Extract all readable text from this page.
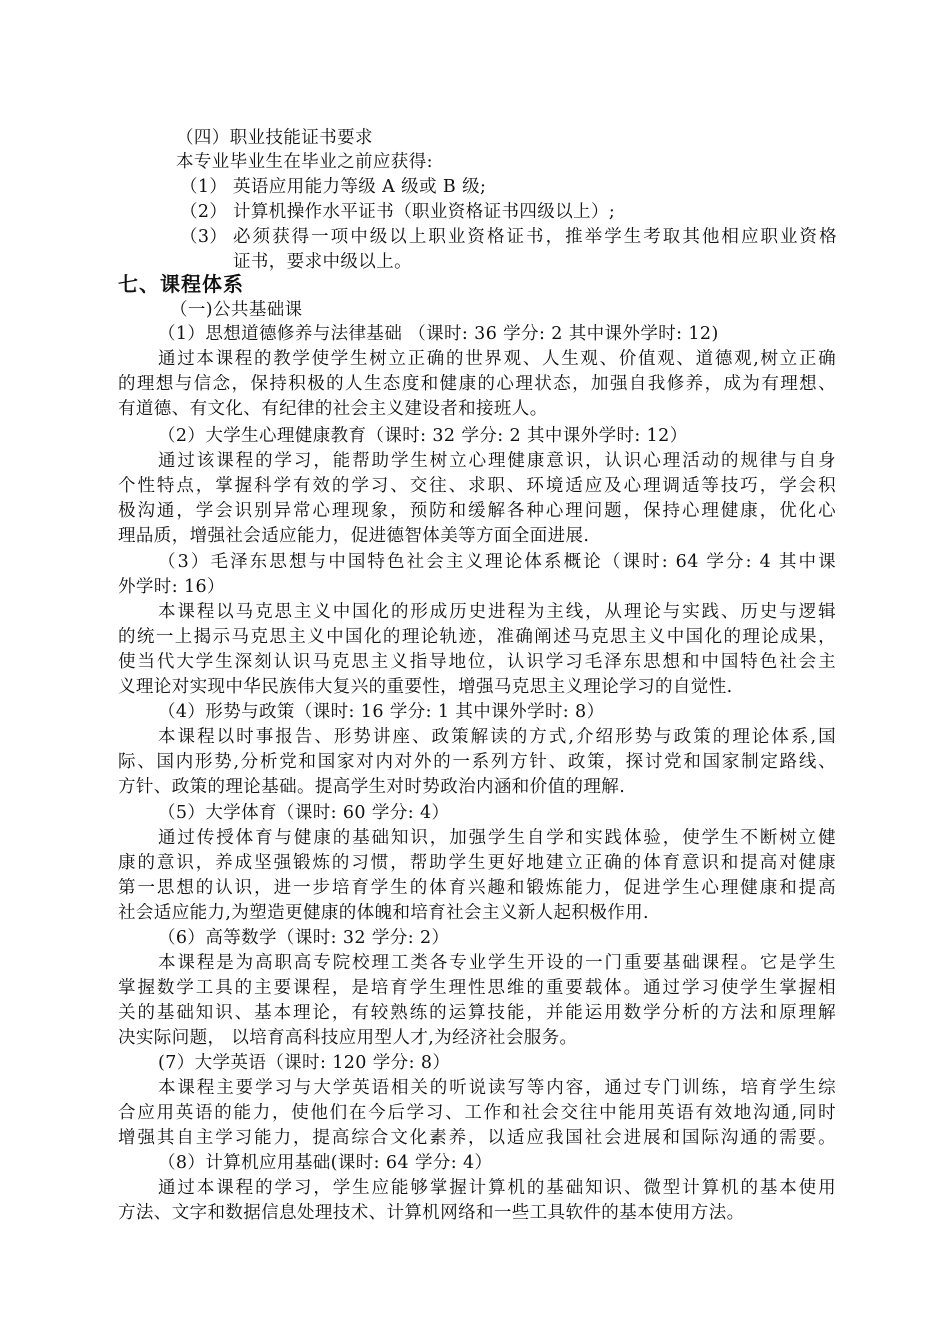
（四）职业技能证书要求
本专业毕业生在毕业之前应获得:
（1） 英语应用能力等级 A 级或 B 级;
（2） 计算机操作水平证书（职业资格证书四级以上）;
（3） 必须获得一项中级以上职业资格证书，推举学生考取其他相应职业资格
证书，要求中级以上。
七、课程体系
（一)公共基础课
（1）思想道德修养与法律基础 （课时: 36 学分: 2 其中课外学时: 12)
通过本课程的教学使学生树立正确的世界观、人生观、价值观、道德观,树立正确
的理想与信念，保持积极的人生态度和健康的心理状态，加强自我修养，成为有理想、
有道德、有文化、有纪律的社会主义建设者和接班人。
（2）大学生心理健康教育（课时: 32 学分: 2 其中课外学时: 12）
通过该课程的学习，能帮助学生树立心理健康意识，认识心理活动的规律与自身
个性特点，掌握科学有效的学习、交往、求职、环境适应及心理调适等技巧，学会积
极沟通，学会识别异常心理现象，预防和缓解各种心理问题，保持心理健康，优化心
理品质，增强社会适应能力，促进德智体美等方面全面进展.
（3）毛泽东思想与中国特色社会主义理论体系概论（课时: 64 学分: 4 其中课
外学时: 16）
本课程以马克思主义中国化的形成历史进程为主线，从理论与实践、历史与逻辑
的统一上揭示马克思主义中国化的理论轨迹，准确阐述马克思主义中国化的理论成果，
使当代大学生深刻认识马克思主义指导地位，认识学习毛泽东思想和中国特色社会主
义理论对实现中华民族伟大复兴的重要性，增强马克思主义理论学习的自觉性.
（4）形势与政策（课时: 16 学分: 1 其中课外学时: 8）
本课程以时事报告、形势讲座、政策解读的方式,介绍形势与政策的理论体系,国
际、国内形势,分析党和国家对内对外的一系列方针、政策，探讨党和国家制定路线、
方针、政策的理论基础。提高学生对时势政治内涵和价值的理解.
（5）大学体育（课时: 60 学分: 4）
通过传授体育与健康的基础知识，加强学生自学和实践体验，使学生不断树立健
康的意识，养成坚强锻炼的习惯，帮助学生更好地建立正确的体育意识和提高对健康
第一思想的认识，进一步培育学生的体育兴趣和锻炼能力，促进学生心理健康和提高
社会适应能力,为塑造更健康的体魄和培育社会主义新人起积极作用.
（6）高等数学（课时: 32 学分: 2）
本课程是为高职高专院校理工类各专业学生开设的一门重要基础课程。它是学生
掌握数学工具的主要课程，是培育学生理性思维的重要载体。通过学习使学生掌握相
关的基础知识、基本理论，有较熟练的运算技能，并能运用数学分析的方法和原理解
决实际问题， 以培育高科技应用型人才,为经济社会服务。
(7）大学英语（课时: 120 学分: 8）
本课程主要学习与大学英语相关的听说读写等内容，通过专门训练，培育学生综
合应用英语的能力，使他们在今后学习、工作和社会交往中能用英语有效地沟通,同时
增强其自主学习能力，提高综合文化素养，以适应我国社会进展和国际沟通的需要。
（8）计算机应用基础(课时: 64 学分: 4）
通过本课程的学习，学生应能够掌握计算机的基础知识、微型计算机的基本使用
方法、文字和数据信息处理技术、计算机网络和一些工具软件的基本使用方法。
